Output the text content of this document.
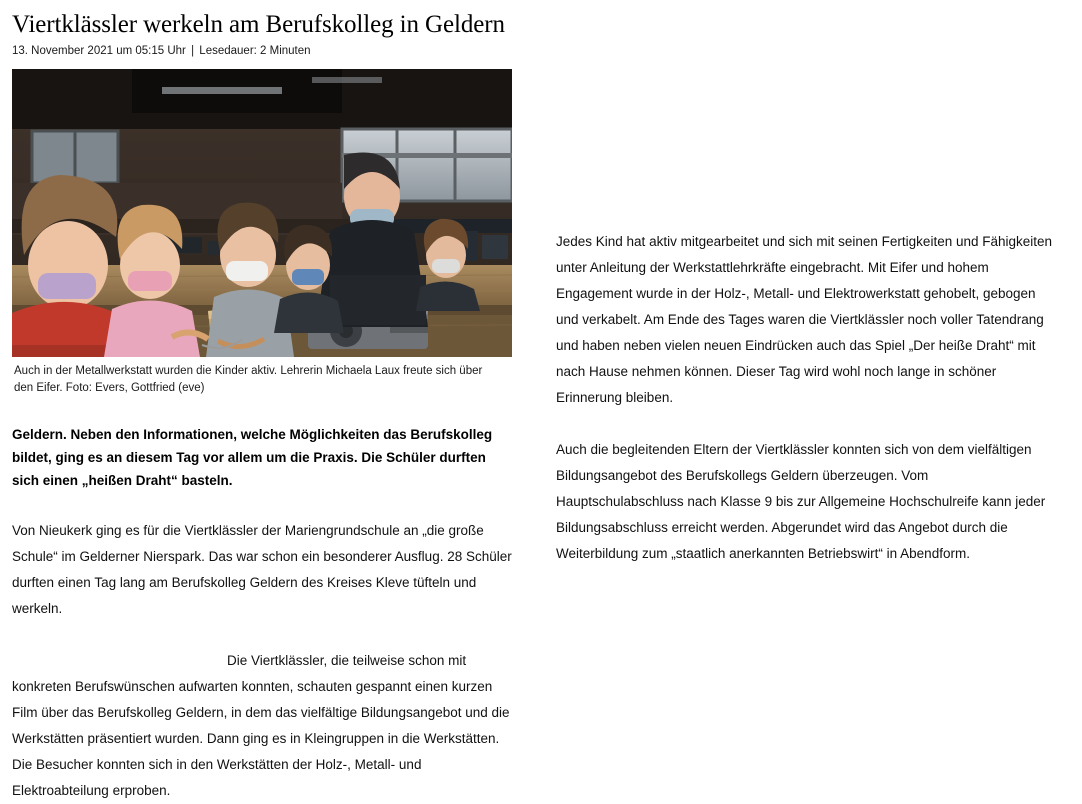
Viertklässler werkeln am Berufskolleg in Geldern
13. November 2021 um 05:15 Uhr | Lesedauer: 2 Minuten
Auch in der Metallwerkstatt wurden die Kinder aktiv. Lehrerin Michaela Laux freute sich über den Eifer. Foto: Evers, Gottfried (eve)

Geldern. Neben den Informationen, welche Möglichkeiten das Berufskolleg bildet, ging es an diesem Tag vor allem um die Praxis. Die Schüler durften sich einen „heißen Draht“ basteln.

Von Nieukerk ging es für die Viertklässler der Mariengrundschule an „die große Schule“ im Gelderner Nierspark. Das war schon ein besonderer Ausflug. 28 Schüler durften einen Tag lang am Berufskolleg Geldern des Kreises Kleve tüfteln und werkeln.

Die Viertklässler, die teilweise schon mit konkreten Berufswünschen aufwarten konnten, schauten gespannt einen kurzen Film über das Berufskolleg Geldern, in dem das vielfältige Bildungsangebot und die Werkstätten präsentiert wurden. Dann ging es in Kleingruppen in die Werkstätten. Die Besucher konnten sich in den Werkstätten der Holz-, Metall- und Elektroabteilung erproben.

Jedes Kind hat aktiv mitgearbeitet und sich mit seinen Fertigkeiten und Fähigkeiten unter Anleitung der Werkstattlehrkräfte eingebracht. Mit Eifer und hohem Engagement wurde in der Holz-, Metall- und Elektrowerkstatt gehobelt, gebogen und verkabelt. Am Ende des Tages waren die Viertklässler noch voller Tatendrang und haben neben vielen neuen Eindrücken auch das Spiel „Der heiße Draht“ mit nach Hause nehmen können. Dieser Tag wird wohl noch lange in schöner Erinnerung bleiben.

Auch die begleitenden Eltern der Viertklässler konnten sich von dem vielfältigen Bildungsangebot des Berufskollegs Geldern überzeugen. Vom Hauptschulabschluss nach Klasse 9 bis zur Allgemeine Hochschulreife kann jeder Bildungsabschluss erreicht werden. Abgerundet wird das Angebot durch die Weiterbildung zum „staatlich anerkannten Betriebswirt“ in Abendform.
